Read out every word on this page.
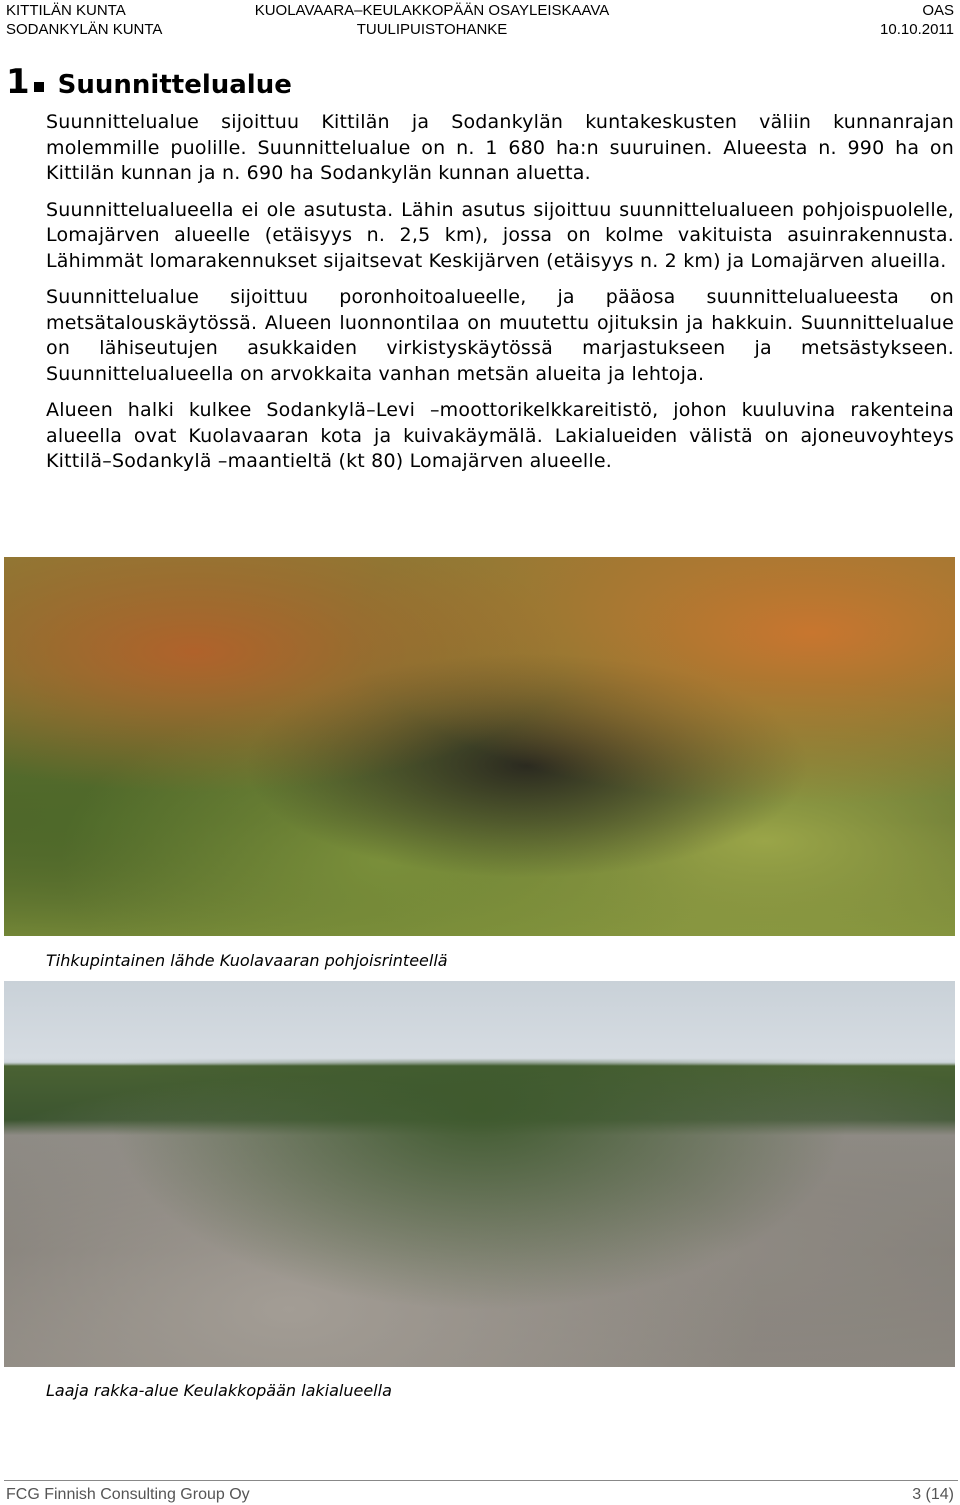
KITTILÄN KUNTA
SODANKYLÄN KUNTA
KUOLAVAARA–KEULAKKOPÄÄN OSAYLEISKAAVA
TUULIPUISTOHANKE
OAS
10.10.2011
1 Suunnittelualue

Suunnittelualue sijoittuu Kittilän ja Sodankylän kuntakeskusten väliin kunnanrajan molemmille puolille. Suunnittelualue on n. 1 680 ha:n suuruinen. Alueesta n. 990 ha on Kittilän kunnan ja n. 690 ha Sodankylän kunnan aluetta.

Suunnittelualueella ei ole asutusta. Lähin asutus sijoittuu suunnittelualueen pohjoispuolelle, Lomajärven alueelle (etäisyys n. 2,5 km), jossa on kolme vakituista asuinrakennusta. Lähimmät lomarakennukset sijaitsevat Keskijärven (etäisyys n. 2 km) ja Lomajärven alueilla.

Suunnittelualue sijoittuu poronhoitoalueelle, ja pääosa suunnittelualueesta on metsätalouskäytössä. Alueen luonnontilaa on muutettu ojituksin ja hakkuin. Suunnittelualue on lähiseutujen asukkaiden virkistyskäytössä marjastukseen ja metsästykseen. Suunnittelualueella on arvokkaita vanhan metsän alueita ja lehtoja.

Alueen halki kulkee Sodankylä–Levi –moottorikelkkareitistö, johon kuuluvina rakenteina alueella ovat Kuolavaaran kota ja kuivakäymälä. Lakialueiden välistä on ajoneuvoyhteys Kittilä–Sodankylä –maantieltä (kt 80) Lomajärven alueelle.

Tihkupintainen lähde Kuolavaaran pohjoisrinteellä
Laaja rakka-alue Keulakkopään lakialueella
FCG Finnish Consulting Group Oy	3 (14)
